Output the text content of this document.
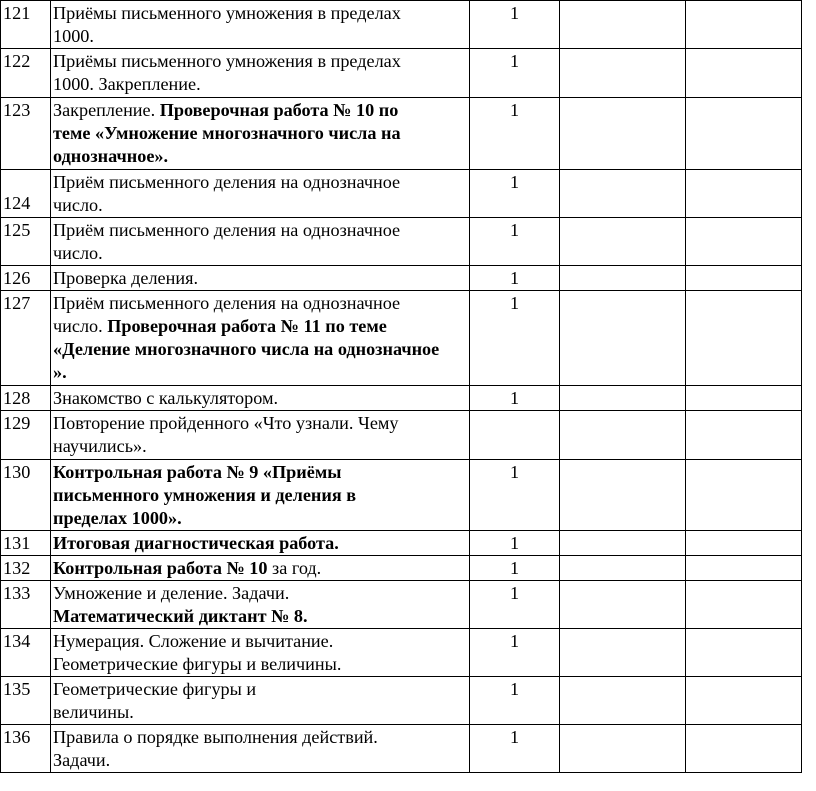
121	Приёмы письменного умножения в пределах
1000.	1		
122	Приёмы письменного умножения в пределах
1000. Закрепление.	1		
123	Закрепление. Проверочная работа № 10 по
теме «Умножение многозначного числа на
однозначное».	1		
124	Приём письменного деления на однозначное
число.	1		
125	Приём письменного деления на однозначное
число.	1		
126	Проверка деления.	1		
127	Приём письменного деления на однозначное
число. Проверочная работа № 11 по теме «Деление многозначного числа на однозначное
».	1		
128	Знакомство с калькулятором.	1		
129	Повторение пройденного «Что узнали. Чему
научились».			
130	Контрольная работа № 9 «Приёмы
письменного умножения и деления в
пределах 1000».	1		
131	Итоговая диагностическая работа.	1		
132	Контрольная работа № 10 за год.	1		
133	Умножение и деление. Задачи.
Математический диктант № 8.	1		
134	Нумерация. Сложение и вычитание.
Геометрические фигуры и величины.	1		
135	Геометрические фигуры и
величины.	1		
136	Правила о порядке выполнения действий.
Задачи.	1		
